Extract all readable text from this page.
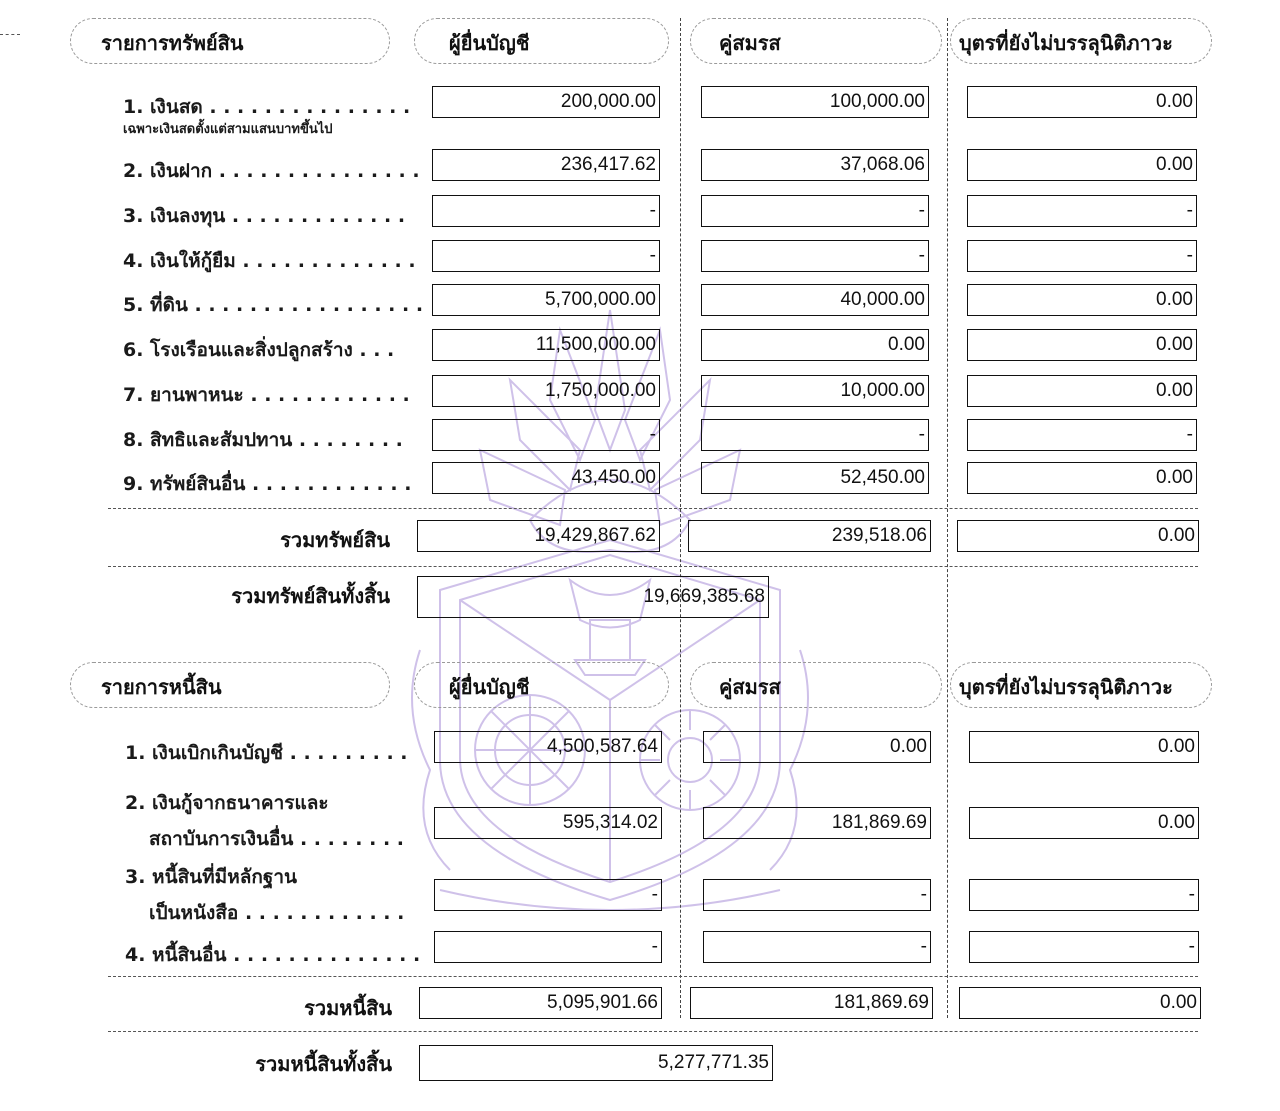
รายการทรัพย์สิน	ผู้ยื่นบัญชี	คู่สมรส	บุตรที่ยังไม่บรรลุนิติภาวะ
1. เงินสด . . . . . . . . . . . . . . .
เฉพาะเงินสดตั้งแต่สามแสนบาทขึ้นไป
200,000.00	100,000.00	0.00
2. เงินฝาก . . . . . . . . . . . . . . .	236,417.62	37,068.06	0.00
3. เงินลงทุน . . . . . . . . . . . . .	-	-	-
4. เงินให้กู้ยืม . . . . . . . . . . . . .	-	-	-
5. ที่ดิน . . . . . . . . . . . . . . . . .	5,700,000.00	40,000.00	0.00
6. โรงเรือนและสิ่งปลูกสร้าง . . .	11,500,000.00	0.00	0.00
7. ยานพาหนะ . . . . . . . . . . . .	1,750,000.00	10,000.00	0.00
8. สิทธิและสัมปทาน . . . . . . . .	-	-	-
9. ทรัพย์สินอื่น . . . . . . . . . . . .	43,450.00	52,450.00	0.00
รวมทรัพย์สิน	19,429,867.62	239,518.06	0.00
รวมทรัพย์สินทั้งสิ้น	19,669,385.68
รายการหนี้สิน	ผู้ยื่นบัญชี	คู่สมรส	บุตรที่ยังไม่บรรลุนิติภาวะ
1. เงินเบิกเกินบัญชี . . . . . . . . .	4,500,587.64	0.00	0.00
2. เงินกู้จากธนาคารและ
สถาบันการเงินอื่น . . . . . . . .
595,314.02	181,869.69	0.00
3. หนี้สินที่มีหลักฐาน
เป็นหนังสือ . . . . . . . . . . . .
-	-	-
4. หนี้สินอื่น . . . . . . . . . . . . . .	-	-	-
รวมหนี้สิน	5,095,901.66	181,869.69	0.00
รวมหนี้สินทั้งสิ้น	5,277,771.35
